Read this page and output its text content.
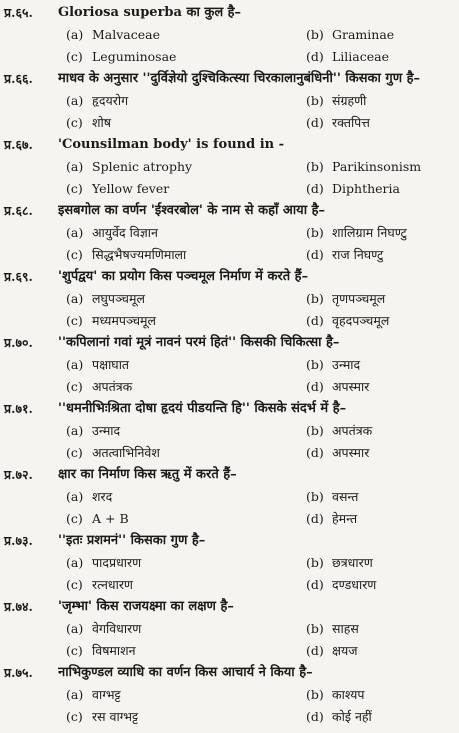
प्र.६५.	Gloriosa superba का कुल है–
(a) Malvaceae	(b) Graminae
(c) Leguminosae	(d) Liliaceae
प्र.६६.	माधव के अनुसार ''दुर्विज्ञेयो दुश्चिकित्स्या चिरकालानुबंधिनी'' किसका गुण है–
(a) हृदयरोग	(b) संग्रहणी
(c) शोष	(d) रक्तपित्त
प्र.६७.	'Counsilman body' is found in -
(a) Splenic atrophy	(b) Parikinsonism
(c) Yellow fever	(d) Diphtheria
प्र.६८.	इसबगोल का वर्णन 'ईश्वरबोल' के नाम से कहाँ आया है–
(a) आयुर्वेद विज्ञान	(b) शालिग्राम निघण्टु
(c) सिद्धभैषज्यमणिमाला	(d) राज निघण्टु
प्र.६९.	'शुर्पद्वय' का प्रयोग किस पञ्चमूल निर्माण में करते हैं–
(a) लघुपञ्चमूल	(b) तृणपञ्चमूल
(c) मध्यमपञ्चमूल	(d) वृहदपञ्चमूल
प्र.७०.	''कपिलानां गवां मूत्रं नावनं परमं हितं'' किसकी चिकित्सा है–
(a) पक्षाघात	(b) उन्माद
(c) अपतंत्रक	(d) अपस्मार
प्र.७१.	''धमनीभिःश्रिता दोषा हृदयं पीडयन्ति हि'' किसके संदर्भ में है–
(a) उन्माद	(b) अपतंत्रक
(c) अतत्वाभिनिवेश	(d) अपस्मार
प्र.७२.	क्षार का निर्माण किस ऋतु में करते हैं–
(a) शरद	(b) वसन्त
(c) A + B	(d) हेमन्त
प्र.७३.	''इतः प्रशमनं'' किसका गुण है–
(a) पादप्रधारण	(b) छत्रधारण
(c) रत्नधारण	(d) दण्डधारण
प्र.७४.	'जृम्भा' किस राजयक्ष्मा का लक्षण है–
(a) वेगविधारण	(b) साहस
(c) विषमाशन	(d) क्षयज
प्र.७५.	नाभिकुण्डल व्याधि का वर्णन किस आचार्य ने किया है–
(a) वाग्भट्ट	(b) काश्यप
(c) रस वाग्भट्ट	(d) कोई नहीं
